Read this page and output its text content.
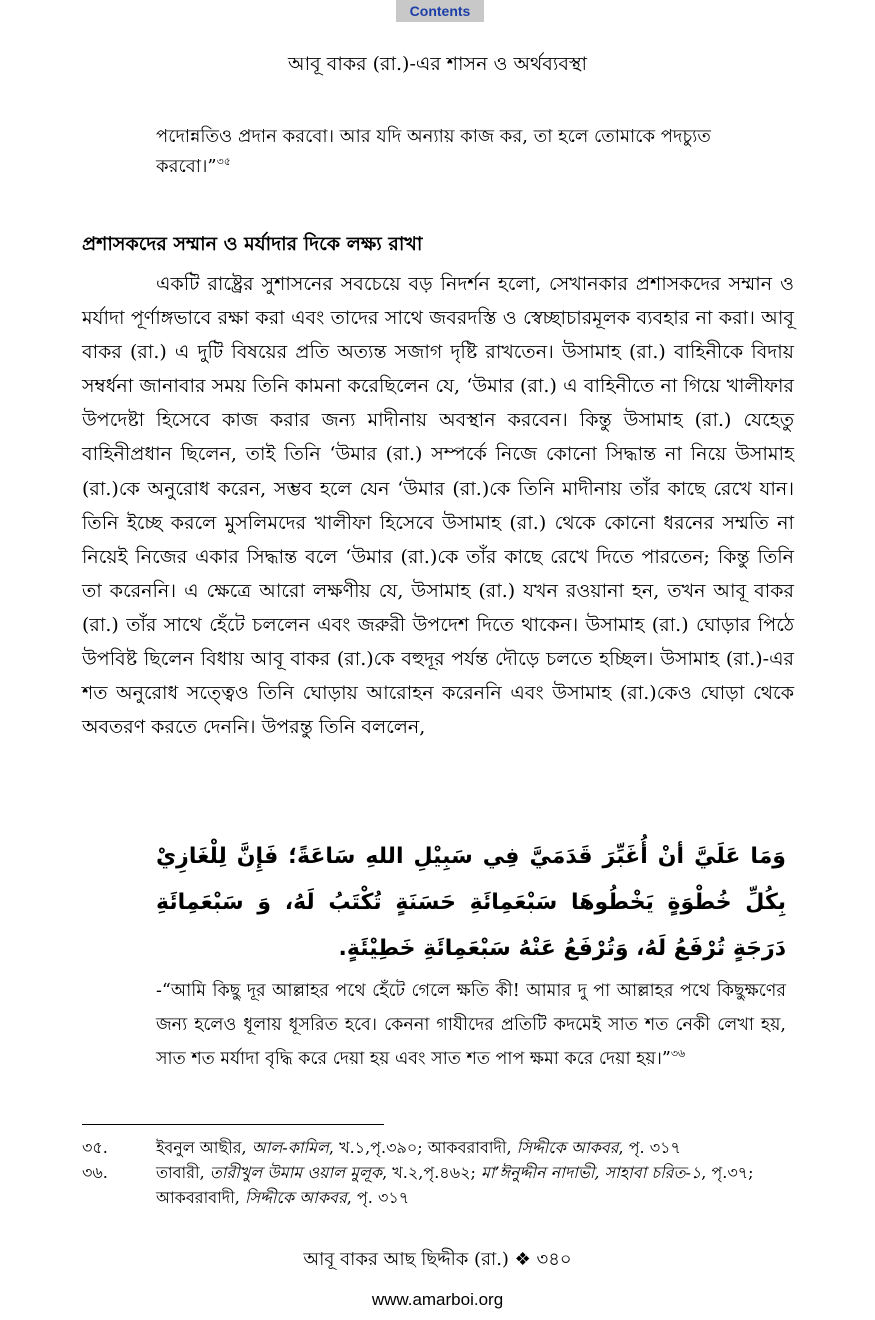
Contents
আবূ বাকর (রা.)-এর শাসন ও অর্থব্যবস্থা
পদোন্নতিও প্রদান করবো। আর যদি অন্যায় কাজ কর, তা হলে তোমাকে পদচ্যুত করবো।”$^{৩৫}$
প্রশাসকদের সম্মান ও মর্যাদার দিকে লক্ষ্য রাখা

একটি রাষ্ট্রের সুশাসনের সবচেয়ে বড় নিদর্শন হলো, সেখানকার প্রশাসকদের সম্মান ও মর্যাদা পূর্ণাঙ্গভাবে রক্ষা করা এবং তাদের সাথে জবরদস্তি ও স্বেচ্ছাচারমূলক ব্যবহার না করা। আবূ বাকর (রা.) এ দুটি বিষয়ের প্রতি অত্যন্ত সজাগ দৃষ্টি রাখতেন। উসামাহ (রা.) বাহিনীকে বিদায় সম্বর্ধনা জানাবার সময় তিনি কামনা করেছিলেন যে, ‘উমার (রা.) এ বাহিনীতে না গিয়ে খালীফার উপদেষ্টা হিসেবে কাজ করার জন্য মাদীনায় অবস্থান করবেন। কিন্তু উসামাহ (রা.) যেহেতু বাহিনীপ্রধান ছিলেন, তাই তিনি ‘উমার (রা.) সম্পর্কে নিজে কোনো সিদ্ধান্ত না নিয়ে উসামাহ (রা.)কে অনুরোধ করেন, সম্ভব হলে যেন ‘উমার (রা.)কে তিনি মাদীনায় তাঁর কাছে রেখে যান। তিনি ইচ্ছে করলে মুসলিমদের খালীফা হিসেবে উসামাহ (রা.) থেকে কোনো ধরনের সম্মতি না নিয়েই নিজের একার সিদ্ধান্ত বলে ‘উমার (রা.)কে তাঁর কাছে রেখে দিতে পারতেন; কিন্তু তিনি তা করেননি। এ ক্ষেত্রে আরো লক্ষণীয় যে, উসামাহ (রা.) যখন রওয়ানা হন, তখন আবূ বাকর (রা.) তাঁর সাথে হেঁটে চললেন এবং জরুরী উপদেশ দিতে থাকেন। উসামাহ (রা.) ঘোড়ার পিঠে উপবিষ্ট ছিলেন বিধায় আবূ বাকর (রা.)কে বহুদূর পর্যন্ত দৌড়ে চলতে হচ্ছিল। উসামাহ (রা.)-এর শত অনুরোধ সত্ত্বেও তিনি ঘোড়ায় আরোহন করেননি এবং উসামাহ (রা.)কেও ঘোড়া থেকে অবতরণ করতে দেননি। উপরন্তু তিনি বললেন,

وَمَا عَلَيَّ أنْ أُغَبِّرَ قَدَمَيَّ فِي سَبِيْلِ اللهِ سَاعَةً؛ فَإِنَّ لِلْغَازِيْ بِكُلِّ خُطْوَةٍ يَخْطُوهَا سَبْعَمِائَةِ حَسَنَةٍ تُكْتَبُ لَهُ، وَ سَبْعَمِائَةِ دَرَجَةٍ تُرْفَعُ لَهُ، وَتُرْفَعُ عَنْهُ سَبْعَمِائَةِ خَطِيْئَةٍ.
-“আমি কিছু দূর আল্লাহর পথে হেঁটে গেলে ক্ষতি কী! আমার দু পা আল্লাহর পথে কিছুক্ষণের জন্য হলেও ধূলায় ধূসরিত হবে। কেননা গাযীদের প্রতিটি কদমেই সাত শত নেকী লেখা হয়, সাত শত মর্যাদা বৃদ্ধি করে দেয়া হয় এবং সাত শত পাপ ক্ষমা করে দেয়া হয়।”$^{৩৬}$
৩৫.	ইবনুল আছীর, আল-কামিল, খ.১,পৃ.৩৯০; আকবরাবাদী, সিদ্দীকে আকবর, পৃ. ৩১৭
৩৬.	তাবারী, তারীখুল উমাম ওয়াল মুলূক, খ.২,পৃ.৪৬২; মা’ঈনুদ্দীন নাদাভী, সাহাবা চরিত-১, পৃ.৩৭; আকবরাবাদী, সিদ্দীকে আকবর, পৃ. ৩১৭
আবূ বাকর আছ ছিদ্দীক (রা.) ❖ ৩৪০
www.amarboi.org
